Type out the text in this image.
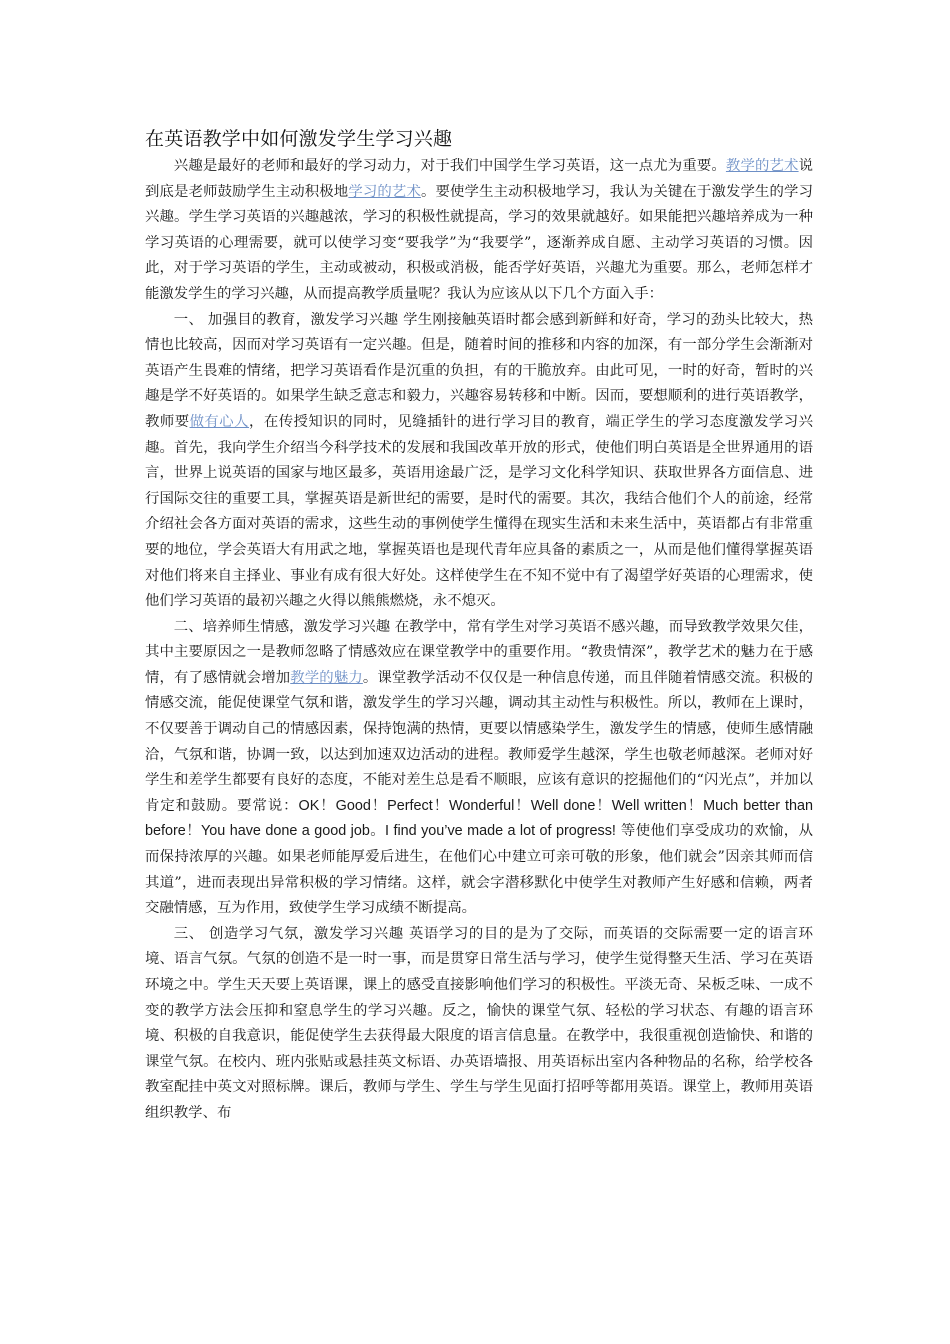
在英语教学中如何激发学生学习兴趣

兴趣是最好的老师和最好的学习动力，对于我们中国学生学习英语，这一点尤为重要。教学的艺术说到底是老师鼓励学生主动积极地学习的艺术。要使学生主动积极地学习，我认为关键在于激发学生的学习兴趣。学生学习英语的兴趣越浓，学习的积极性就提高，学习的效果就越好。如果能把兴趣培养成为一种学习英语的心理需要，就可以使学习变“要我学”为“我要学”，逐渐养成自愿、主动学习英语的习惯。因此，对于学习英语的学生，主动或被动，积极或消极，能否学好英语，兴趣尤为重要。那么，老师怎样才能激发学生的学习兴趣，从而提高教学质量呢？我认为应该从以下几个方面入手：

一、 加强目的教育，激发学习兴趣 学生刚接触英语时都会感到新鲜和好奇，学习的劲头比较大，热情也比较高，因而对学习英语有一定兴趣。但是，随着时间的推移和内容的加深，有一部分学生会渐渐对英语产生畏难的情绪，把学习英语看作是沉重的负担，有的干脆放弃。由此可见，一时的好奇，暂时的兴趣是学不好英语的。如果学生缺乏意志和毅力，兴趣容易转移和中断。因而，要想顺利的进行英语教学，教师要做有心人，在传授知识的同时，见缝插针的进行学习目的教育，端正学生的学习态度激发学习兴趣。首先，我向学生介绍当今科学技术的发展和我国改革开放的形式，使他们明白英语是全世界通用的语言，世界上说英语的国家与地区最多，英语用途最广泛，是学习文化科学知识、获取世界各方面信息、进行国际交往的重要工具，掌握英语是新世纪的需要，是时代的需要。其次，我结合他们个人的前途，经常介绍社会各方面对英语的需求，这些生动的事例使学生懂得在现实生活和未来生活中，英语都占有非常重要的地位，学会英语大有用武之地，掌握英语也是现代青年应具备的素质之一，从而是他们懂得掌握英语对他们将来自主择业、事业有成有很大好处。这样使学生在不知不觉中有了渴望学好英语的心理需求，使他们学习英语的最初兴趣之火得以熊熊燃烧，永不熄灭。

二、培养师生情感，激发学习兴趣 在教学中，常有学生对学习英语不感兴趣，而导致教学效果欠佳，其中主要原因之一是教师忽略了情感效应在课堂教学中的重要作用。“教贵情深”，教学艺术的魅力在于感情，有了感情就会增加教学的魅力。课堂教学活动不仅仅是一种信息传递，而且伴随着情感交流。积极的情感交流，能促使课堂气氛和谐，激发学生的学习兴趣，调动其主动性与积极性。所以，教师在上课时，不仅要善于调动自己的情感因素，保持饱满的热情，更要以情感染学生，激发学生的情感，使师生感情融洽，气氛和谐，协调一致，以达到加速双边活动的进程。教师爱学生越深，学生也敬老师越深。老师对好学生和差学生都要有良好的态度，不能对差生总是看不顺眼，应该有意识的挖掘他们的“闪光点”，并加以肯定和鼓励。要常说：OK！Good！Perfect！Wonderful！Well done！Well written！Much better than before！You have done a good job。I find you’ve made a lot of progress! 等使他们享受成功的欢愉，从而保持浓厚的兴趣。如果老师能厚爱后进生，在他们心中建立可亲可敬的形象，他们就会”因亲其师而信其道”，进而表现出异常积极的学习情绪。这样，就会字潜移默化中使学生对教师产生好感和信赖，两者交融情感，互为作用，致使学生学习成绩不断提高。

三、 创造学习气氛，激发学习兴趣 英语学习的目的是为了交际，而英语的交际需要一定的语言环境、语言气氛。气氛的创造不是一时一事，而是贯穿日常生活与学习，使学生觉得整天生活、学习在英语环境之中。学生天天要上英语课，课上的感受直接影响他们学习的积极性。平淡无奇、呆板乏味、一成不变的教学方法会压抑和窒息学生的学习兴趣。反之，愉快的课堂气氛、轻松的学习状态、有趣的语言环境、积极的自我意识，能促使学生去获得最大限度的语言信息量。在教学中，我很重视创造愉快、和谐的课堂气氛。在校内、班内张贴或悬挂英文标语、办英语墙报、用英语标出室内各种物品的名称，给学校各教室配挂中英文对照标牌。课后，教师与学生、学生与学生见面打招呼等都用英语。课堂上，教师用英语组织教学、布
